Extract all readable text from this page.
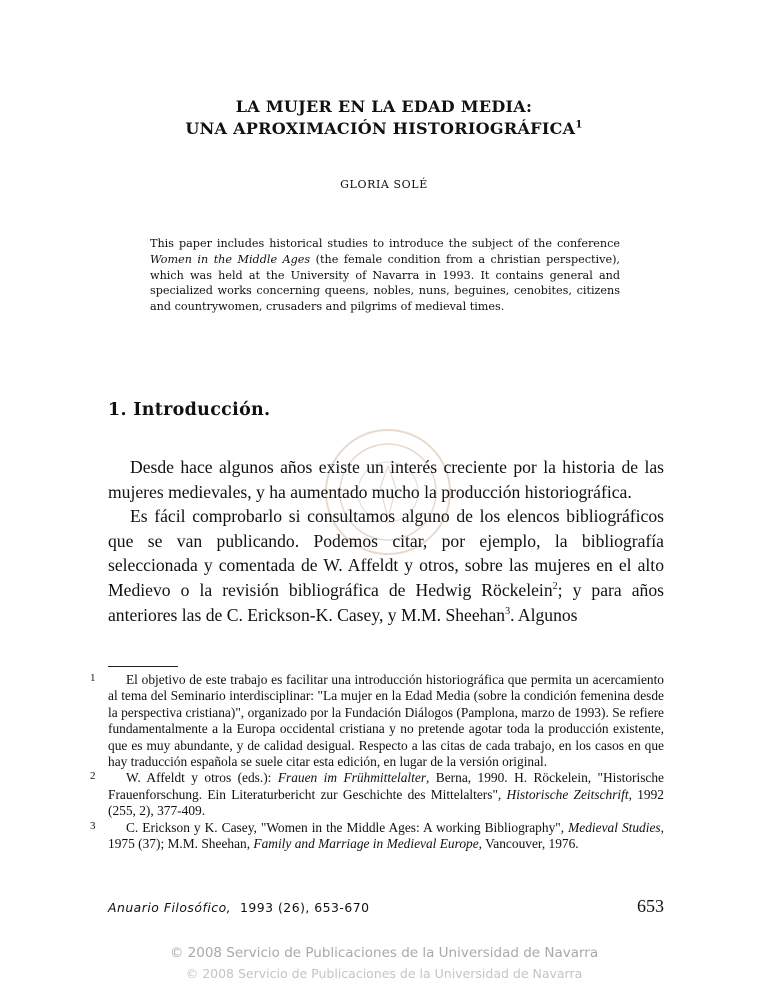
LA MUJER EN LA EDAD MEDIA:
UNA APROXIMACIÓN HISTORIOGRÁFICA$^1$
GLORIA SOLÉ
This paper includes historical studies to introduce the subject of the conference Women in the Middle Ages (the female condition from a christian perspective), which was held at the University of Navarra in 1993. It contains general and specialized works concerning queens, nobles, nuns, beguines, cenobites, citizens and countrywomen, crusaders and pilgrims of medieval times.
1. Introducción.

Desde hace algunos años existe un interés creciente por la historia de las mujeres medievales, y ha aumentado mucho la producción historiográfica.

Es fácil comprobarlo si consultamos alguno de los elencos bibliográficos que se van publicando. Podemos citar, por ejemplo, la bibliografía seleccionada y comentada de W. Affeldt y otros, sobre las mujeres en el alto Medievo o la revisión bibliográfica de Hedwig Röckelein$^2$; y para años anteriores las de C. Erickson-K. Casey, y M.M. Sheehan$^3$. Algunos

1	El objetivo de este trabajo es facilitar una introducción historiográfica que permita un acercamiento al tema del Seminario interdisciplinar: "La mujer en la Edad Media (sobre la condición femenina desde la perspectiva cristiana)", organizado por la Fundación Diálogos (Pamplona, marzo de 1993). Se refiere fundamentalmente a la Europa occidental cristiana y no pretende agotar toda la producción existente, que es muy abundante, y de calidad desigual. Respecto a las citas de cada trabajo, en los casos en que hay traducción española se suele citar esta edición, en lugar de la versión original.

2	W. Affeldt y otros (eds.): Frauen im Frühmittelalter, Berna, 1990. H. Röckelein, "Historische Frauenforschung. Ein Literaturbericht zur Geschichte des Mittelalters", Historische Zeitschrift, 1992 (255, 2), 377-409.

3	C. Erickson y K. Casey, "Women in the Middle Ages: A working Bibliography", Medieval Studies, 1975 (37); M.M. Sheehan, Family and Marriage in Medieval Europe, Vancouver, 1976.

Anuario Filosófico, 1993 (26), 653-670	653
© 2008 Servicio de Publicaciones de la Universidad de Navarra
© 2008 Servicio de Publicaciones de la Universidad de Navarra
